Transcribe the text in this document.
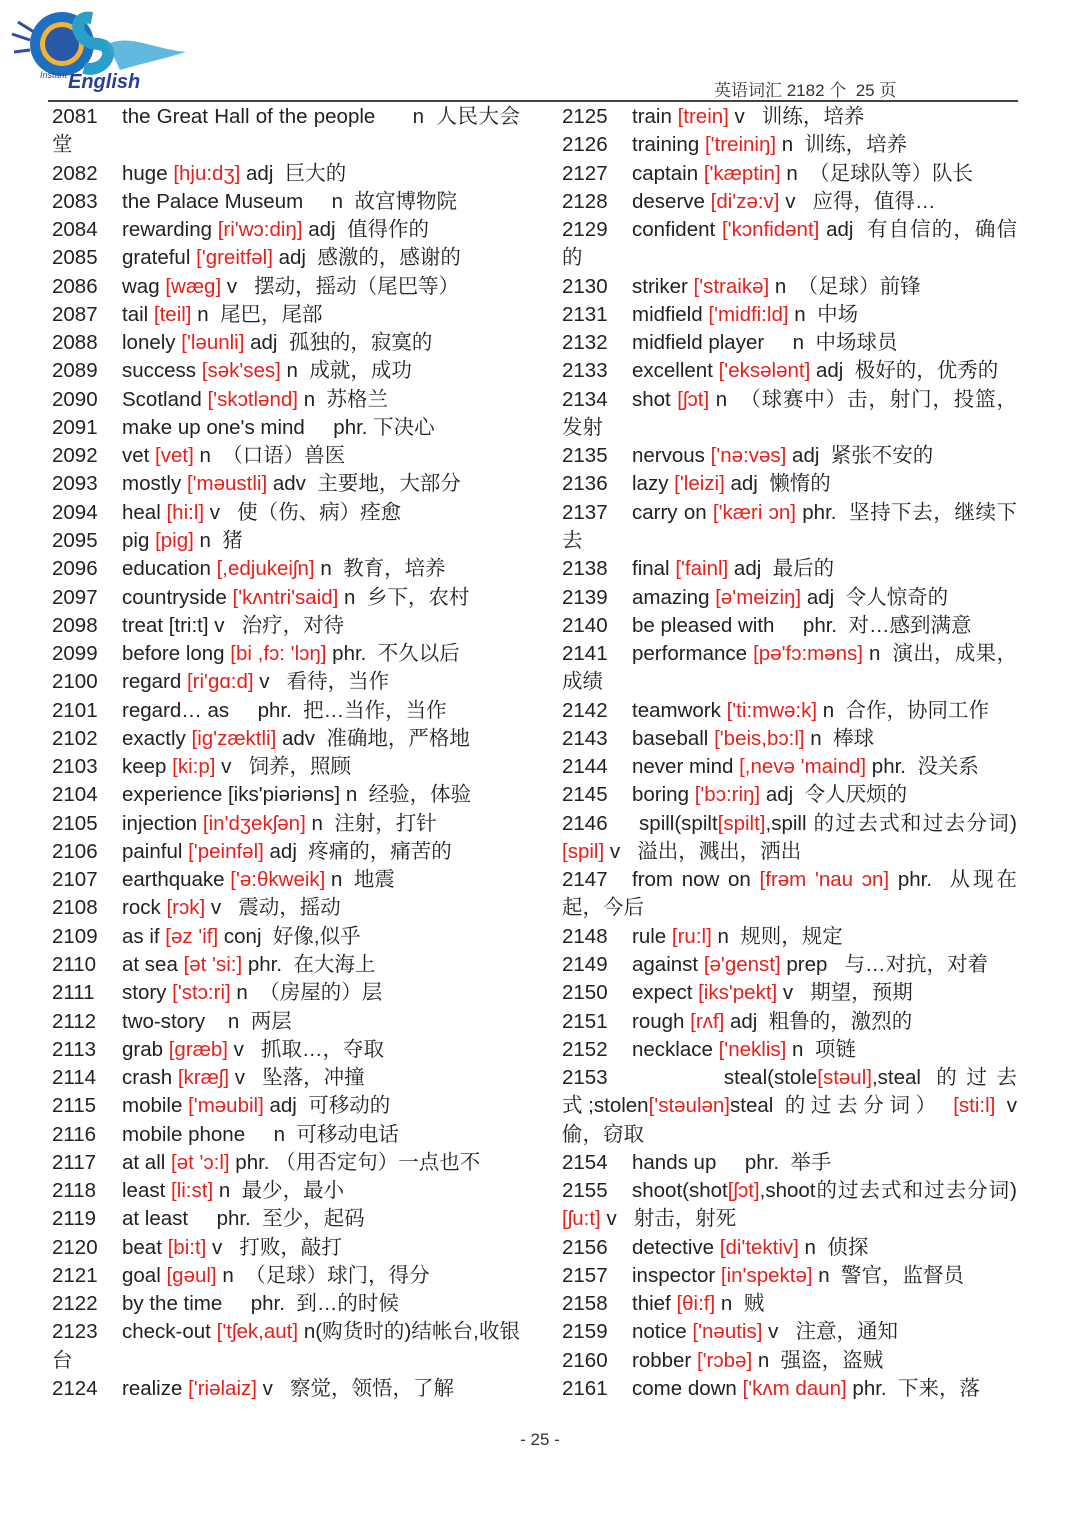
Instant English	英语词汇 2182 个  25 页
2081 the Great Hall of the people      n  人民大会堂
2082 huge [hju:dʒ] adj  巨大的
2083 the Palace Museum     n  故宫博物院
2084 rewarding [ri'wɔ:diŋ] adj  值得作的
2085 grateful ['greitfəl] adj  感激的，感谢的
2086 wag [wæg] v   摆动，摇动（尾巴等）
2087 tail [teil] n  尾巴，尾部
2088 lonely ['ləunli] adj  孤独的，寂寞的
2089 success [sək'ses] n  成就，成功
2090 Scotland ['skɔtlənd] n  苏格兰
2091 make up one's mind     phr. 下决心
2092 vet [vet] n  （口语）兽医
2093 mostly ['məustli] adv  主要地，大部分
2094 heal [hi:l] v   使（伤、病）痊愈
2095 pig [pig] n  猪
2096 education [,edjukeiʃn] n  教育，培养
2097 countryside ['kʌntri'said] n  乡下，农村
2098 treat [tri:t] v   治疗，对待
2099 before long [bi ,fɔ: 'lɔŋ] phr.  不久以后
2100 regard [ri'gɑ:d] v   看待，当作
2101 regard… as     phr.  把…当作，当作
2102 exactly [ig'zæktli] adv  准确地，严格地
2103 keep [ki:p] v   饲养，照顾
2104 experience [iks'piəriəns] n  经验，体验
2105 injection [in'dʒekʃən] n  注射，打针
2106 painful ['peinfəl] adj  疼痛的，痛苦的
2107 earthquake ['ə:θkweik] n  地震
2108 rock [rɔk] v   震动，摇动
2109 as if [əz 'if] conj  好像,似乎
2110 at sea [ət 'si:] phr.  在大海上
2111 story ['stɔ:ri] n  （房屋的）层
2112 two-story    n  两层
2113 grab [græb] v   抓取…，夺取
2114 crash [kræʃ] v   坠落，冲撞
2115 mobile ['məubil] adj  可移动的
2116 mobile phone     n  可移动电话
2117 at all [ət 'ɔ:l] phr. （用否定句）一点也不
2118 least [li:st] n  最少，最小
2119 at least     phr.  至少，起码
2120 beat [bi:t] v   打败，敲打
2121 goal [gəul] n  （足球）球门，得分
2122 by the time     phr.  到…的时候
2123 check-out ['tʃek,aut] n(购货时的)结帐台,收银台
2124 realize ['riəlaiz] v   察觉，领悟，了解
2125 train [trein] v   训练，培养
2126 training ['treiniŋ] n  训练，培养
2127 captain ['kæptin] n  （足球队等）队长
2128 deserve [di'zə:v] v   应得，值得…
2129 confident ['kɔnfidənt] adj  有自信的，确信的
2130 striker ['straikə] n  （足球）前锋
2131 midfield ['midfi:ld] n  中场
2132 midfield player     n  中场球员
2133 excellent ['eksələnt] adj  极好的，优秀的
2134 shot [ʃɔt] n  （球赛中）击，射门，投篮，发射
2135 nervous ['nə:vəs] adj  紧张不安的
2136 lazy ['leizi] adj  懒惰的
2137 carry on ['kæri ɔn] phr.  坚持下去，继续下去
2138 final ['fainl] adj  最后的
2139 amazing [ə'meiziŋ] adj  令人惊奇的
2140 be pleased with     phr.  对…感到满意
2141 performance [pə'fɔ:məns] n  演出，成果，成绩
2142 teamwork ['ti:mwə:k] n  合作，协同工作
2143 baseball ['beis,bɔ:l] n  棒球
2144 never mind [,nevə 'maind] phr.  没关系
2145 boring ['bɔ:riŋ] adj  令人厌烦的
2146 spill(spilt[spilt],spill 的过去式和过去分词) [spil] v   溢出，溅出，洒出
2147 from now on [frəm 'nau ɔn] phr.  从现在起，今后
2148 rule [ru:l] n  规则，规定
2149 against [ə'genst] prep   与…对抗，对着
2150 expect [iks'pekt] v   期望，预期
2151 rough [rʌf] adj  粗鲁的，激烈的
2152 necklace ['neklis] n  项链
2153      steal(stole[stəul],steal 的过去式;stolen['stəulən]steal 的过去分词） [sti:l] v   偷，窃取
2154 hands up     phr.  举手
2155 shoot(shot[ʃɔt],shoot的过去式和过去分词)[ʃu:t] v   射击，射死
2156 detective [di'tektiv] n  侦探
2157 inspector [in'spektə] n  警官，监督员
2158 thief [θi:f] n  贼
2159 notice ['nəutis] v   注意，通知
2160 robber ['rɔbə] n  强盗，盗贼
2161 come down ['kʌm daun] phr.  下来，落
- 25 -
